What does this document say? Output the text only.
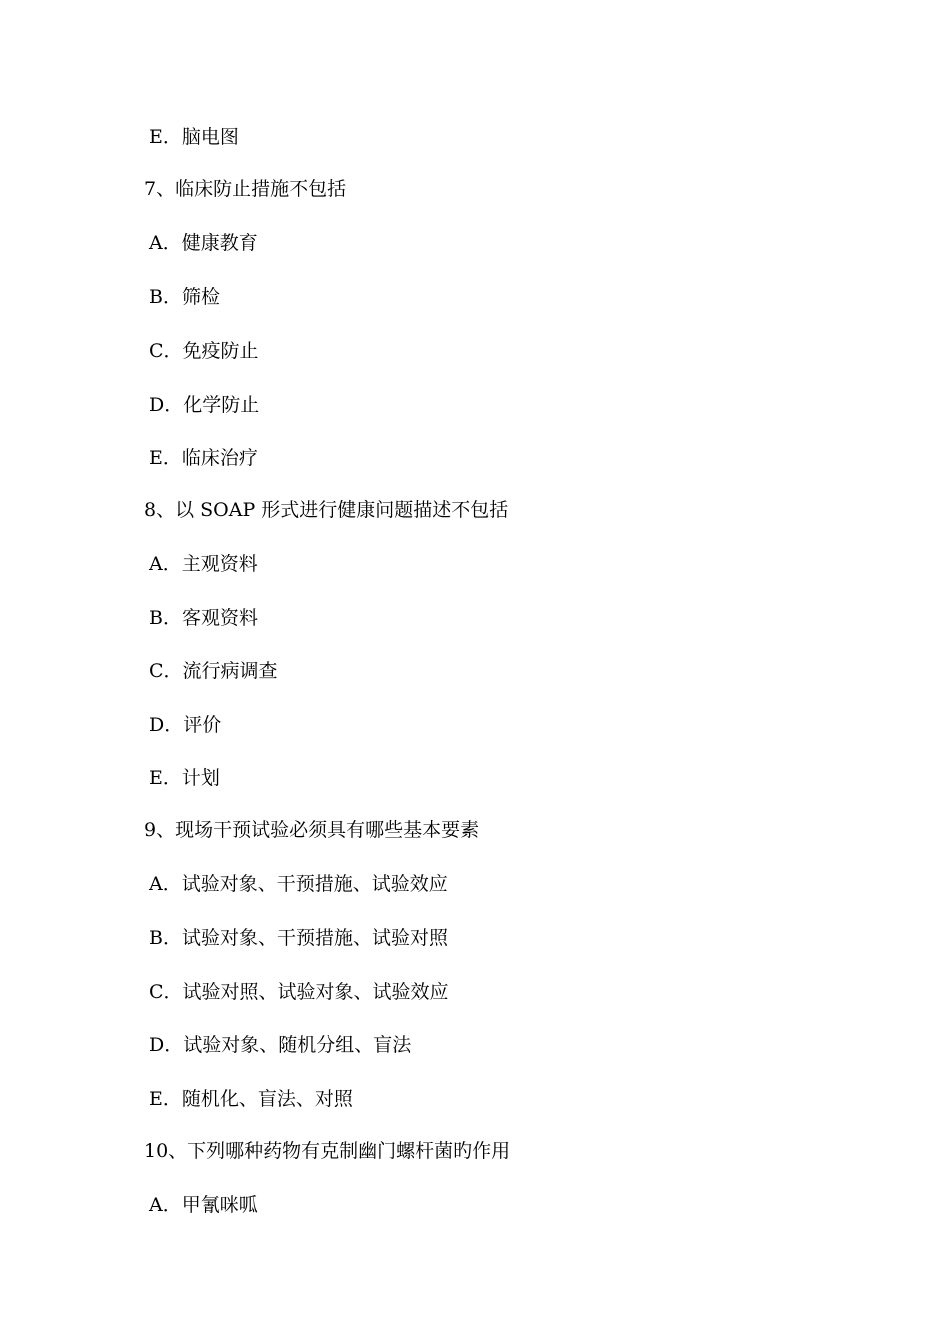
E．脑电图
7、临床防止措施不包括
A．健康教育
B．筛检
C．免疫防止
D．化学防止
E．临床治疗
8、以 SOAP 形式进行健康问题描述不包括
A．主观资料
B．客观资料
C．流行病调查
D．评价
E．计划
9、现场干预试验必须具有哪些基本要素
A．试验对象、干预措施、试验效应
B．试验对象、干预措施、试验对照
C．试验对照、试验对象、试验效应
D．试验对象、随机分组、盲法
E．随机化、盲法、对照
10、下列哪种药物有克制幽门螺杆菌旳作用
A．甲氰咪呱
